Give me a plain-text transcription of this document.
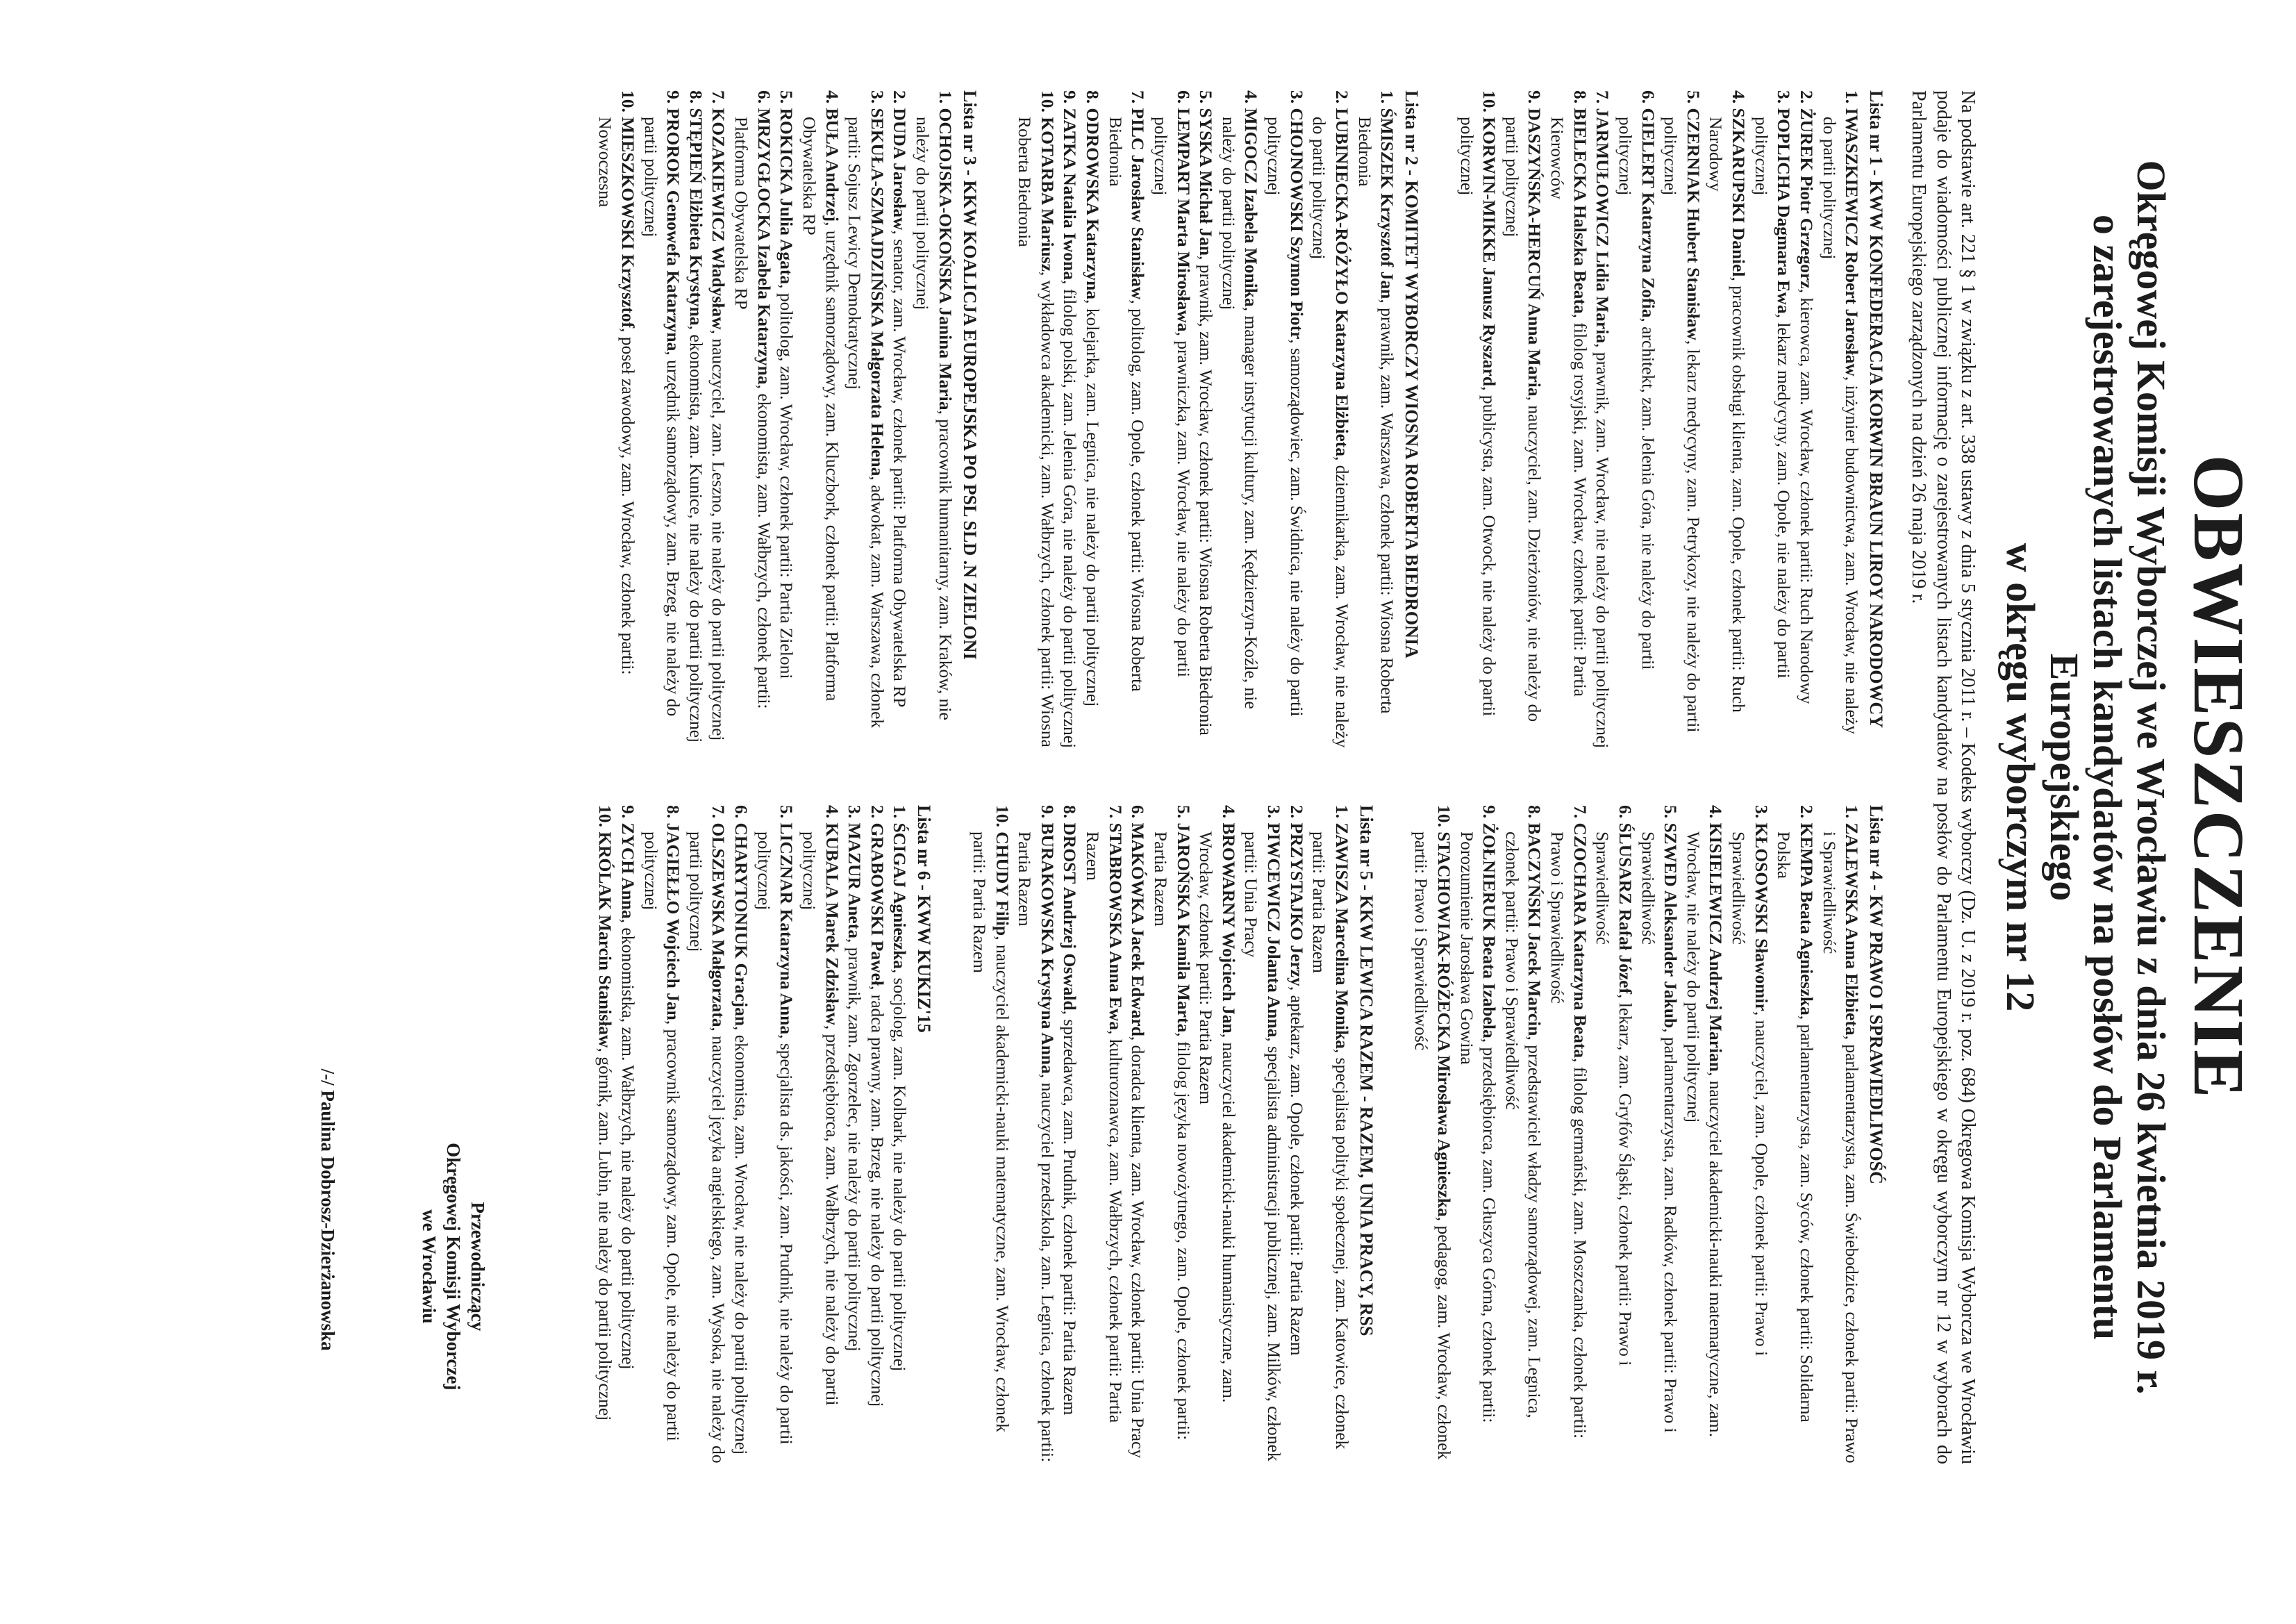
OBWIESZCZENIE
Okręgowej Komisji Wyborczej we Wrocławiu z dnia 26 kwietnia 2019 r.
o zarejestrowanych listach kandydatów na posłów do Parlamentu Europejskiego
w okręgu wyborczym nr 12
Na podstawie art. 221 § 1 w związku z art. 338 ustawy z dnia 5 stycznia 2011 r. – Kodeks wyborczy (Dz. U. z 2019 r. poz. 684) Okręgowa Komisja Wyborcza we Wrocławiu podaje do wiadomości publicznej informację o zarejestrowanych listach kandydatów na posłów do Parlamentu Europejskiego w okręgu wyborczym nr 12 w wyborach do Parlamentu Europejskiego zarządzonych na dzień 26 maja 2019 r.
Lista nr 1 - KWW KONFEDERACJA KORWIN BRAUN LIROY NARODOWCY
1. IWASZKIEWICZ Robert Jarosław, inżynier budownictwa, zam. Wrocław, nie należy do partii politycznej
2. ŻUREK Piotr Grzegorz, kierowca, zam. Wrocław, członek partii: Ruch Narodowy
3. POPLICHA Dagmara Ewa, lekarz medycyny, zam. Opole, nie należy do partii politycznej
4. SZKARUPSKI Daniel, pracownik obsługi klienta, zam. Opole, członek partii: Ruch Narodowy
5. CZERNIAK Hubert Stanisław, lekarz medycyny, zam. Petrykozy, nie należy do partii politycznej
6. GIELERT Katarzyna Zofia, architekt, zam. Jelenia Góra, nie należy do partii politycznej
7. JARMUŁOWICZ Lidia Maria, prawnik, zam. Wrocław, nie należy do partii politycznej
8. BIELECKA Halszka Beata, filolog rosyjski, zam. Wrocław, członek partii: Partia Kierowców
9. DASZYŃSKA-HERCUŃ Anna Maria, nauczyciel, zam. Dzierżoniów, nie należy do partii politycznej
10. KORWIN-MIKKE Janusz Ryszard, publicysta, zam. Otwock, nie należy do partii politycznej
Lista nr 2 - KOMITET WYBORCZY WIOSNA ROBERTA BIEDRONIA
1. ŚMISZEK Krzysztof Jan, prawnik, zam. Warszawa, członek partii: Wiosna Roberta Biedronia
2. LUBINIECKA-RÓŻYŁO Katarzyna Elżbieta, dziennikarka, zam. Wrocław, nie należy do partii politycznej
3. CHOJNOWSKI Szymon Piotr, samorządowiec, zam. Świdnica, nie należy do partii politycznej
4. MIGOCZ Izabela Monika, manager instytucji kultury, zam. Kędzierzyn-Koźle, nie należy do partii politycznej
5. SYSKA Michał Jan, prawnik, zam. Wrocław, członek partii: Wiosna Roberta Biedronia
6. LEMPART Marta Mirosława, prawniczka, zam. Wrocław, nie należy do partii politycznej
7. PILC Jarosław Stanisław, politolog, zam. Opole, członek partii: Wiosna Roberta Biedronia
8. ODROWSKA Katarzyna, kolejarka, zam. Legnica, nie należy do partii politycznej
9. ZATKA Natalia Iwona, filolog polski, zam. Jelenia Góra, nie należy do partii politycznej
10. KOTARBA Mariusz, wykładowca akademicki, zam. Wałbrzych, członek partii: Wiosna Roberta Biedronia
Lista nr 3 - KKW KOALICJA EUROPEJSKA PO PSL SLD .N ZIELONI
1. OCHOJSKA-OKOŃSKA Janina Maria, pracownik humanitarny, zam. Kraków, nie należy do partii politycznej
2. DUDA Jarosław, senator, zam. Wrocław, członek partii: Platforma Obywatelska RP
3. SEKUŁA-SZMAJDZIŃSKA Małgorzata Helena, adwokat, zam. Warszawa, członek partii: Sojusz Lewicy Demokratycznej
4. BUŁA Andrzej, urzędnik samorządowy, zam. Kluczbork, członek partii: Platforma Obywatelska RP
5. ROKICKA Julia Agata, politolog, zam. Wrocław, członek partii: Partia Zieloni
6. MRZYGŁOCKA Izabela Katarzyna, ekonomista, zam. Wałbrzych, członek partii: Platforma Obywatelska RP
7. KOZAKIEWICZ Władysław, nauczyciel, zam. Leszno, nie należy do partii politycznej
8. STĘPIEŃ Elżbieta Krystyna, ekonomista, zam. Kunice, nie należy do partii politycznej
9. PROROK Genowefa Katarzyna, urzędnik samorządowy, zam. Brzeg, nie należy do partii politycznej
10. MIESZKOWSKI Krzysztof, poseł zawodowy, zam. Wrocław, członek partii: Nowoczesna
Lista nr 4 - KW PRAWO I SPRAWIEDLIWOŚĆ
1. ZALEWSKA Anna Elżbieta, parlamentarzysta, zam. Świebodzice, członek partii: Prawo i Sprawiedliwość
2. KEMPA Beata Agnieszka, parlamentarzysta, zam. Syców, członek partii: Solidarna Polska
3. KŁOSOWSKI Sławomir, nauczyciel, zam. Opole, członek partii: Prawo i Sprawiedliwość
4. KISIELEWICZ Andrzej Marian, nauczyciel akademicki-nauki matematyczne, zam. Wrocław, nie należy do partii politycznej
5. SZWED Aleksander Jakub, parlamentarzysta, zam. Radków, członek partii: Prawo i Sprawiedliwość
6. ŚLUSARZ Rafał Józef, lekarz, zam. Gryfów Śląski, członek partii: Prawo i Sprawiedliwość
7. CZOCHARA Katarzyna Beata, filolog germański, zam. Moszczanka, członek partii: Prawo i Sprawiedliwość
8. BACZYŃSKI Jacek Marcin, przedstawiciel władzy samorządowej, zam. Legnica, członek partii: Prawo i Sprawiedliwość
9. ŻOŁNIERUK Beata Izabela, przedsiębiorca, zam. Głuszyca Górna, członek partii: Porozumienie Jarosława Gowina
10. STACHOWIAK-RÓŻECKA Mirosława Agnieszka, pedagog, zam. Wrocław, członek partii: Prawo i Sprawiedliwość
Lista nr 5 - KKW LEWICA RAZEM - RAZEM, UNIA PRACY, RSS
1. ZAWISZA Marcelina Monika, specjalista polityki społecznej, zam. Katowice, członek partii: Partia Razem
2. PRZYSTAJKO Jerzy, aptekarz, zam. Opole, członek partii: Partia Razem
3. PIWCEWICZ Jolanta Anna, specjalista administracji publicznej, zam. Milków, członek partii: Unia Pracy
4. BROWARNY Wojciech Jan, nauczyciel akademicki-nauki humanistyczne, zam. Wrocław, członek partii: Partia Razem
5. JAROŃSKA Kamila Marta, filolog języka nowożytnego, zam. Opole, członek partii: Partia Razem
6. MAKÓWKA Jacek Edward, doradca klienta, zam. Wrocław, członek partii: Unia Pracy
7. STABROWSKA Anna Ewa, kulturoznawca, zam. Wałbrzych, członek partii: Partia Razem
8. DROST Andrzej Oswald, sprzedawca, zam. Prudnik, członek partii: Partia Razem
9. BURAKOWSKA Krystyna Anna, nauczyciel przedszkola, zam. Legnica, członek partii: Partia Razem
10. CHUDY Filip, nauczyciel akademicki-nauki matematyczne, zam. Wrocław, członek partii: Partia Razem
Lista nr 6 - KWW KUKIZ'15
1. ŚCIGAJ Agnieszka, socjolog, zam. Kolbark, nie należy do partii politycznej
2. GRABOWSKI Paweł, radca prawny, zam. Brzeg, nie należy do partii politycznej
3. MAZUR Aneta, prawnik, zam. Zgorzelec, nie należy do partii politycznej
4. KUBALA Marek Zdzisław, przedsiębiorca, zam. Wałbrzych, nie należy do partii politycznej
5. LICZNAR Katarzyna Anna, specjalista ds. jakości, zam. Prudnik, nie należy do partii politycznej
6. CHARYTONIUK Gracjan, ekonomista, zam. Wrocław, nie należy do partii politycznej
7. OLSZEWSKA Małgorzata, nauczyciel języka angielskiego, zam. Wysoka, nie należy do partii politycznej
8. JAGIEŁŁO Wojciech Jan, pracownik samorządowy, zam. Opole, nie należy do partii politycznej
9. ZYCH Anna, ekonomistka, zam. Wałbrzych, nie należy do partii politycznej
10. KRÓLAK Marcin Stanisław, górnik, zam. Lubin, nie należy do partii politycznej
Przewodniczący
Okręgowej Komisji Wyborczej
we Wrocławiu
/-/ Paulina Dobrosz-Dzierżanowska
